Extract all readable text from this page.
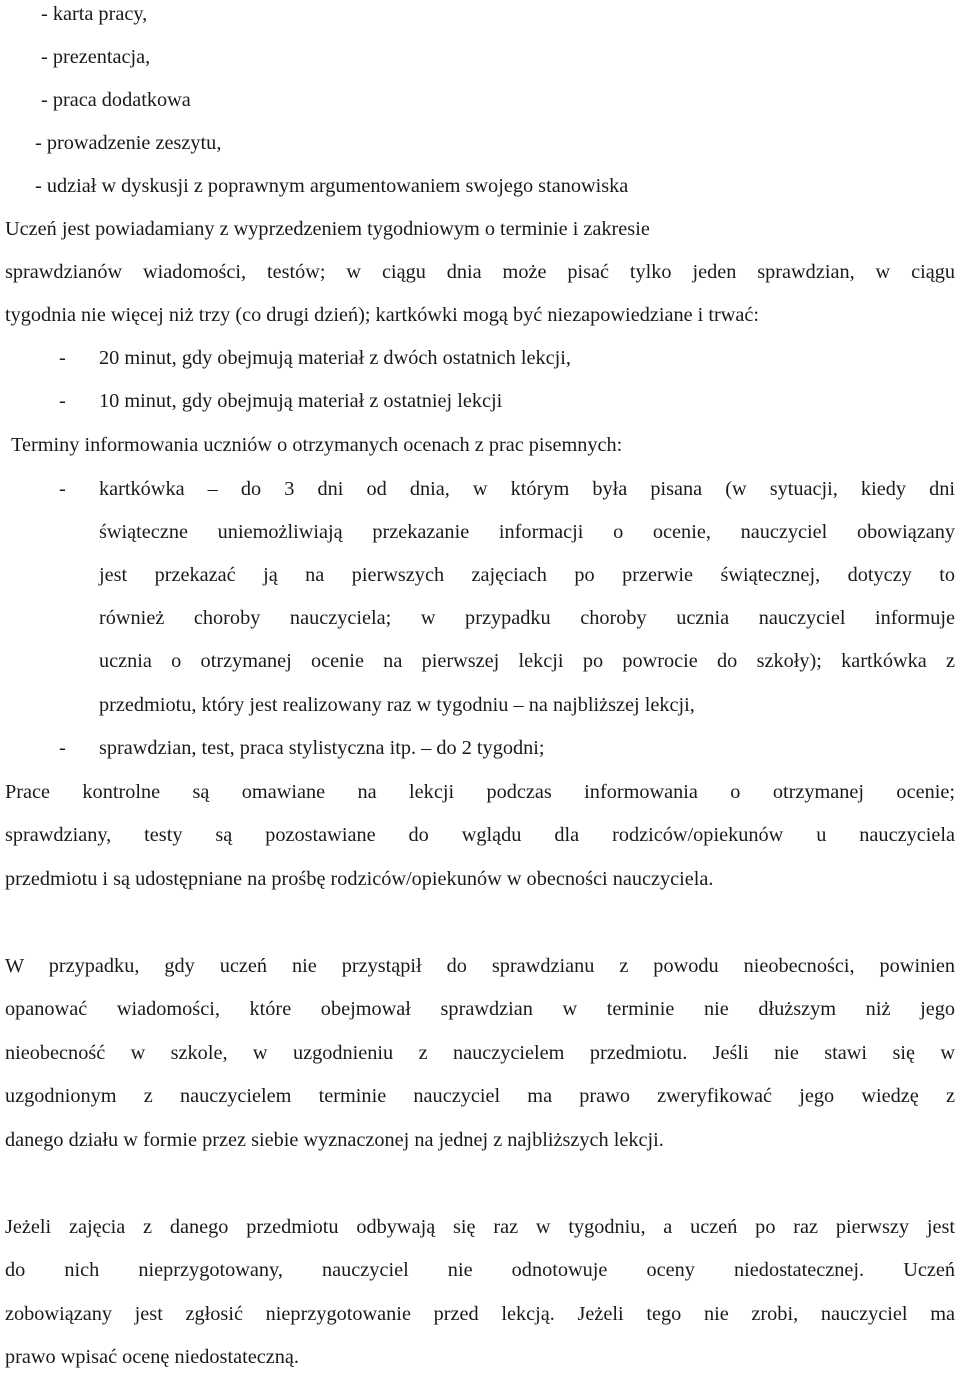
- karta pracy,
- prezentacja,
- praca dodatkowa
- prowadzenie zeszytu,
- udział w dyskusji z poprawnym argumentowaniem swojego stanowiska
Uczeń jest powiadamiany z wyprzedzeniem tygodniowym o terminie i zakresie
sprawdzianów wiadomości, testów; w ciągu dnia może pisać tylko jeden sprawdzian, w ciągu
tygodnia nie więcej niż trzy (co drugi dzień); kartkówki mogą być niezapowiedziane i trwać:
- 20 minut, gdy obejmują materiał z dwóch ostatnich lekcji,
- 10 minut, gdy obejmują materiał z ostatniej lekcji
Terminy informowania uczniów o otrzymanych ocenach z prac pisemnych:
- kartkówka – do 3 dni od dnia, w którym była pisana (w sytuacji, kiedy dni
świąteczne uniemożliwiają przekazanie informacji o ocenie, nauczyciel obowiązany
jest przekazać ją na pierwszych zajęciach po przerwie świątecznej, dotyczy to
również choroby nauczyciela; w przypadku choroby ucznia nauczyciel informuje
ucznia o otrzymanej ocenie na pierwszej lekcji po powrocie do szkoły); kartkówka z
przedmiotu, który jest realizowany raz w tygodniu – na najbliższej lekcji,
- sprawdzian, test, praca stylistyczna itp. – do 2 tygodni;
Prace kontrolne są omawiane na lekcji podczas informowania o otrzymanej ocenie;
sprawdziany, testy są pozostawiane do wglądu dla rodziców/opiekunów u nauczyciela
przedmiotu i są udostępniane na prośbę rodziców/opiekunów w obecności nauczyciela.
W przypadku, gdy uczeń nie przystąpił do sprawdzianu z powodu nieobecności, powinien
opanować wiadomości, które obejmował sprawdzian w terminie nie dłuższym niż jego
nieobecność w szkole, w uzgodnieniu z nauczycielem przedmiotu. Jeśli nie stawi się w
uzgodnionym z nauczycielem terminie nauczyciel ma prawo zweryfikować jego wiedzę z
danego działu w formie przez siebie wyznaczonej na jednej z najbliższych lekcji.
Jeżeli zajęcia z danego przedmiotu odbywają się raz w tygodniu, a uczeń po raz pierwszy jest
do nich nieprzygotowany, nauczyciel nie odnotowuje oceny niedostatecznej. Uczeń
zobowiązany jest zgłosić nieprzygotowanie przed lekcją. Jeżeli tego nie zrobi, nauczyciel ma
prawo wpisać ocenę niedostateczną.
